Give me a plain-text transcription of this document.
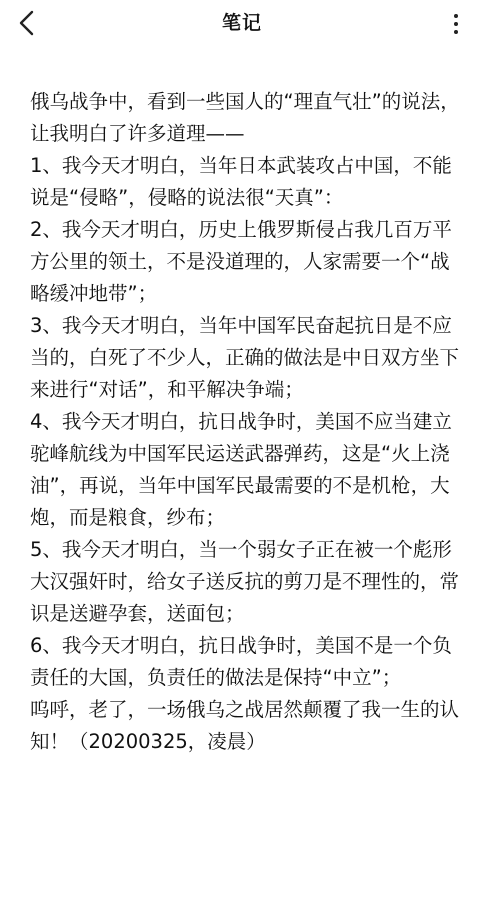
笔记

俄乌战争中，看到一些国人的“理直气壮”的说法，让我明白了许多道理——

1、我今天才明白，当年日本武装攻占中国，不能说是“侵略”，侵略的说法很“天真”：

2、我今天才明白，历史上俄罗斯侵占我几百万平方公里的领土，不是没道理的，人家需要一个“战略缓冲地带”；

3、我今天才明白，当年中国军民奋起抗日是不应当的，白死了不少人，正确的做法是中日双方坐下来进行“对话”，和平解决争端；

4、我今天才明白，抗日战争时，美国不应当建立驼峰航线为中国军民运送武器弹药，这是“火上浇油”，再说，当年中国军民最需要的不是机枪，大炮，而是粮食，纱布；

5、我今天才明白，当一个弱女子正在被一个彪形大汉强奸时，给女子送反抗的剪刀是不理性的，常识是送避孕套，送面包；

6、我今天才明白，抗日战争时，美国不是一个负责任的大国，负责任的做法是保持“中立”；

呜呼，老了，一场俄乌之战居然颠覆了我一生的认知！（20200325，凌晨）
